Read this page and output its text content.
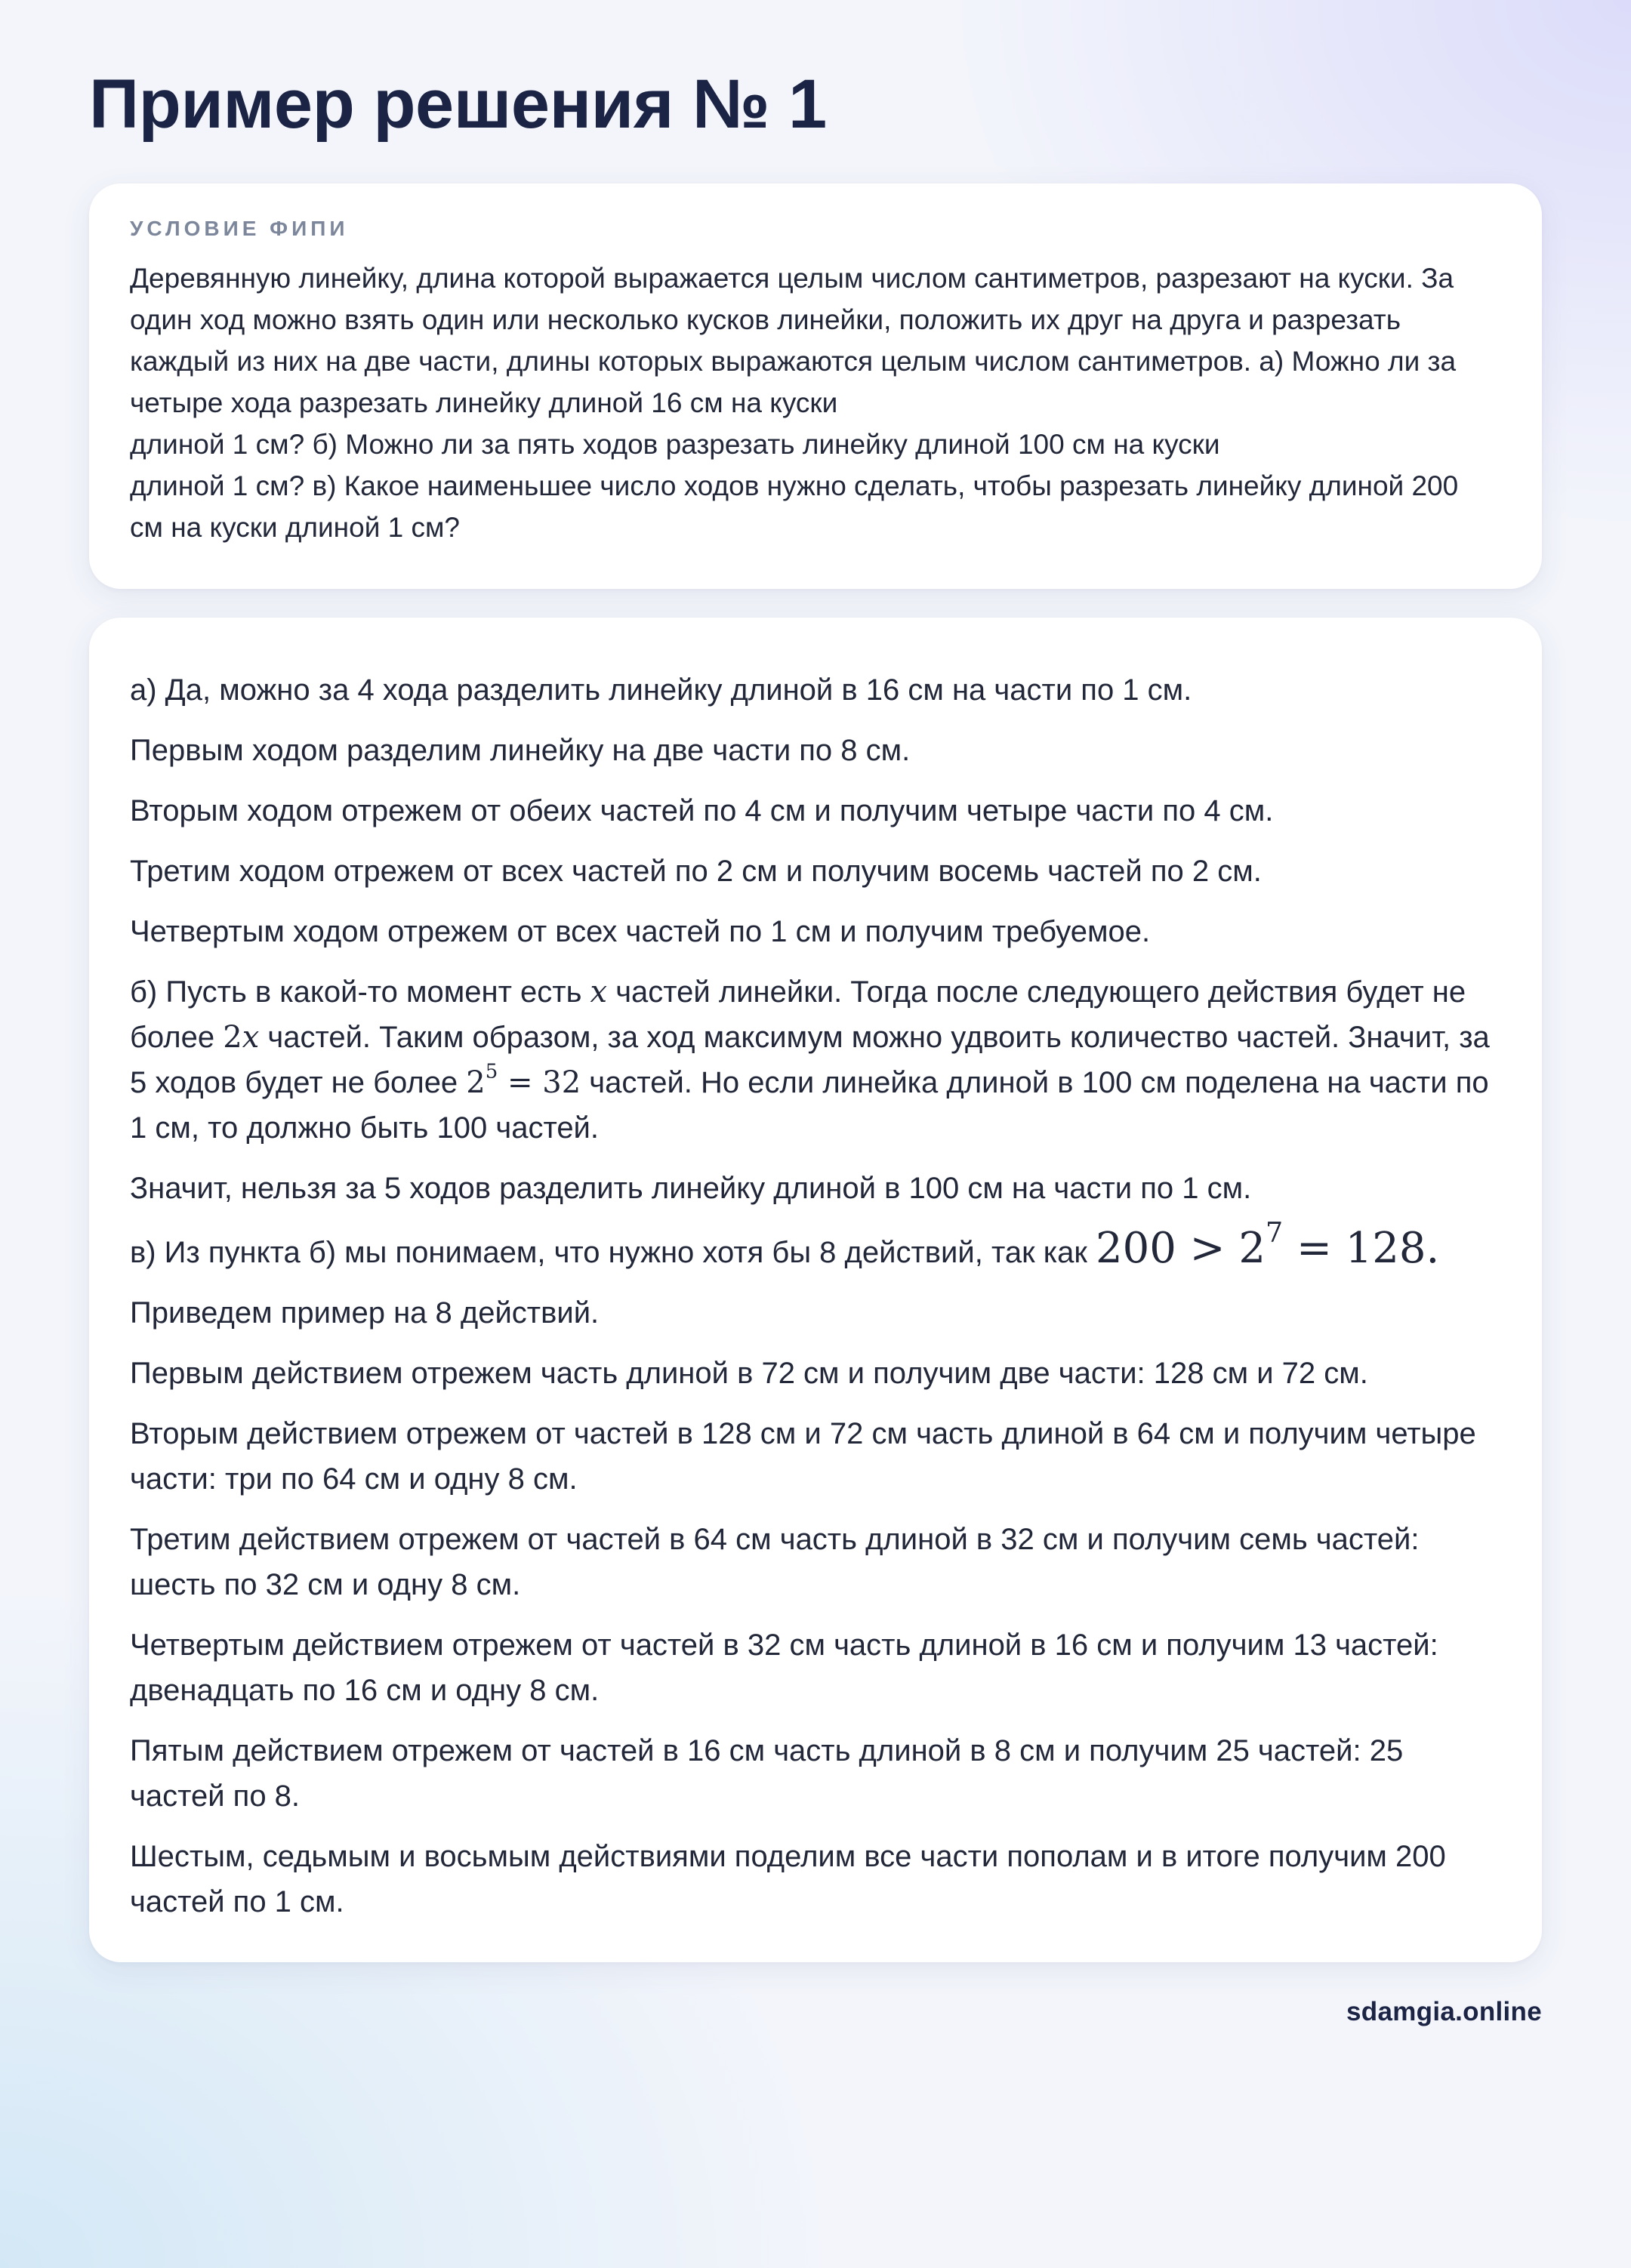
Пример решения № 1
УСЛОВИЕ ФИПИ

Деревянную линейку, длина которой выражается целым числом сантиметров, разрезают на куски. За
один ход можно взять один или несколько кусков линейки, положить их друг на друга и разрезать
каждый из них на две части, длины которых выражаются целым числом сантиметров. а) Можно ли за
четыре хода разрезать линейку длиной 16 см на куски
длиной 1 см? б) Можно ли за пять ходов разрезать линейку длиной 100 см на куски
длиной 1 см? в) Какое наименьшее число ходов нужно сделать, чтобы разрезать линейку длиной 200
см на куски длиной 1 см?

а) Да, можно за 4 хода разделить линейку длиной в 16 см на части по 1 см.

Первым ходом разделим линейку на две части по 8 см.

Вторым ходом отрежем от обеих частей по 4 см и получим четыре части по 4 см.

Третим ходом отрежем от всех частей по 2 см и получим восемь частей по 2 см.

Четвертым ходом отрежем от всех частей по 1 см и получим требуемое.

б) Пусть в какой-то момент есть x частей линейки. Тогда после следующего действия будет не более 2x частей. Таким образом, за ход максимум можно удвоить количество частей. Значит, за 5 ходов будет не более $2^5 = 32$ частей. Но если линейка длиной в 100 см поделена на части по 1 см, то должно быть 100 частей.

Значит, нельзя за 5 ходов разделить линейку длиной в 100 см на части по 1 см.

в) Из пункта б) мы понимаем, что нужно хотя бы 8 действий, так как $200 > 2^7 = 128$.

Приведем пример на 8 действий.

Первым действием отрежем часть длиной в 72 см и получим две части: 128 см и 72 см.

Вторым действием отрежем от частей в 128 см и 72 см часть длиной в 64 см и получим четыре части: три по 64 см и одну 8 см.

Третим действием отрежем от частей в 64 см часть длиной в 32 см и получим семь частей: шесть по 32 см и одну 8 см.

Четвертым действием отрежем от частей в 32 см часть длиной в 16 см и получим 13 частей: двенадцать по 16 см и одну 8 см.

Пятым действием отрежем от частей в 16 см часть длиной в 8 см и получим 25 частей: 25 частей по 8.

Шестым, седьмым и восьмым действиями поделим все части пополам и в итоге получим 200 частей по 1 см.

sdamgia.online
